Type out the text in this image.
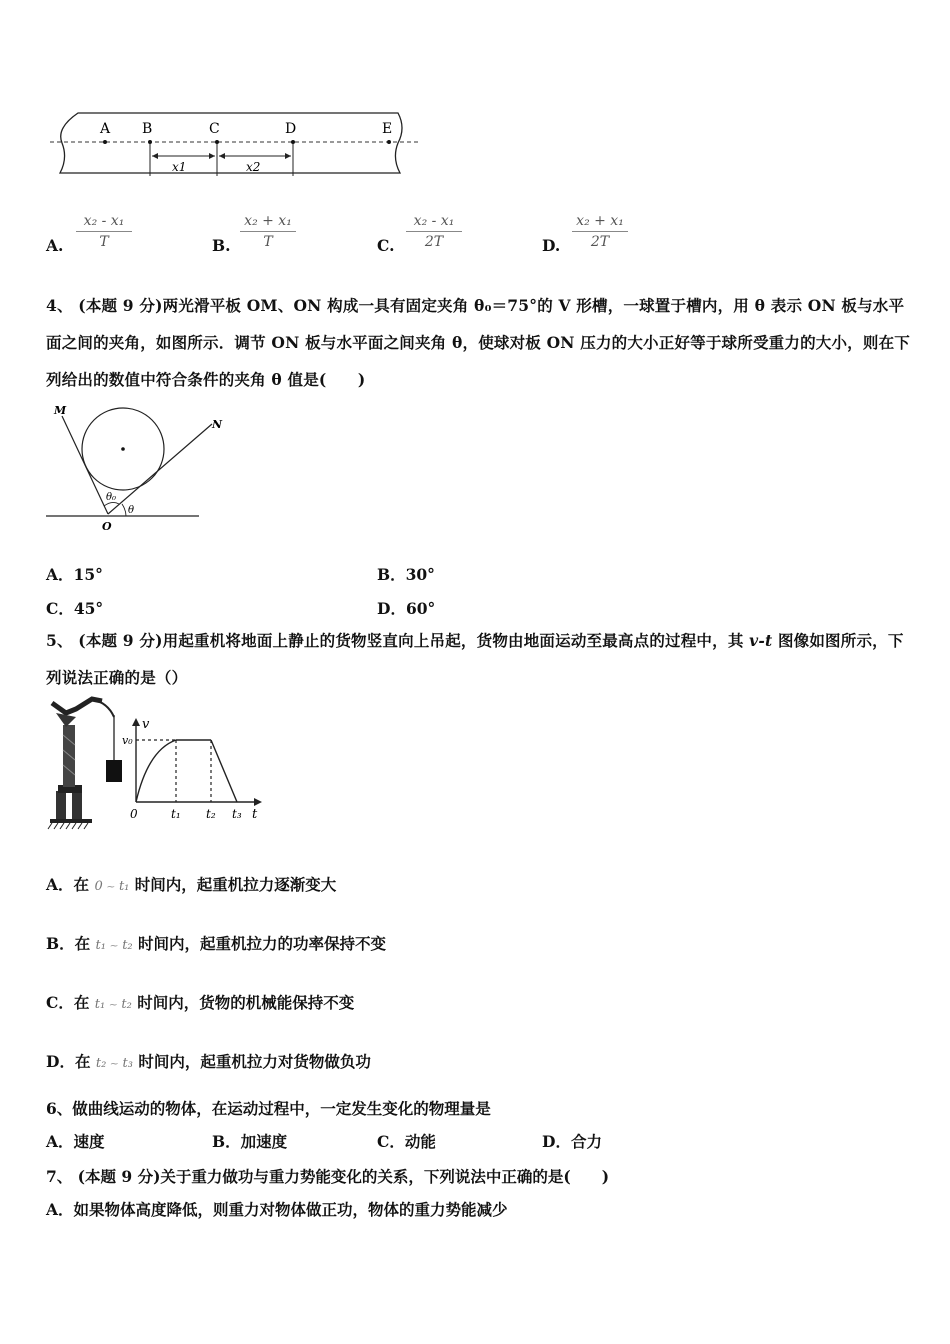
A B	C	D	E
x1	x2
A.
x₂ - x₁
T	B.
x₂ + x₁
T	C.
x₂ - x₁
2T	D.
x₂ + x₁
2T
4、 (本题 9 分)两光滑平板 OM、ON 构成一具有固定夹角 θ₀＝75°的 V 形槽，一球置于槽内，用 θ 表示 ON 板与水平面之间的夹角，如图所示．调节 ON 板与水平面之间夹角 θ，使球对板 ON 压力的大小正好等于球所受重力的大小，则在下列给出的数值中符合条件的夹角 θ 值是(　　)
M
N
O
θ₀
θ
A．15°	B．30°
C．45°	D．60°
5、 (本题 9 分)用起重机将地面上静止的货物竖直向上吊起，货物由地面运动至最高点的过程中，其 v-t 图像如图所示，下列说法正确的是（）
v
v₀
0	t₁ t₂ t₃ t
A．在 0 ~ t₁ 时间内，起重机拉力逐渐变大
B．在 t₁ ~ t₂ 时间内，起重机拉力的功率保持不变
C．在 t₁ ~ t₂ 时间内，货物的机械能保持不变
D．在 t₂ ~ t₃ 时间内，起重机拉力对货物做负功
6、做曲线运动的物体，在运动过程中，一定发生变化的物理量是
A．速度	B．加速度	C．动能	D．合力
7、 (本题 9 分)关于重力做功与重力势能变化的关系，下列说法中正确的是(　　)
A．如果物体高度降低，则重力对物体做正功，物体的重力势能减少
